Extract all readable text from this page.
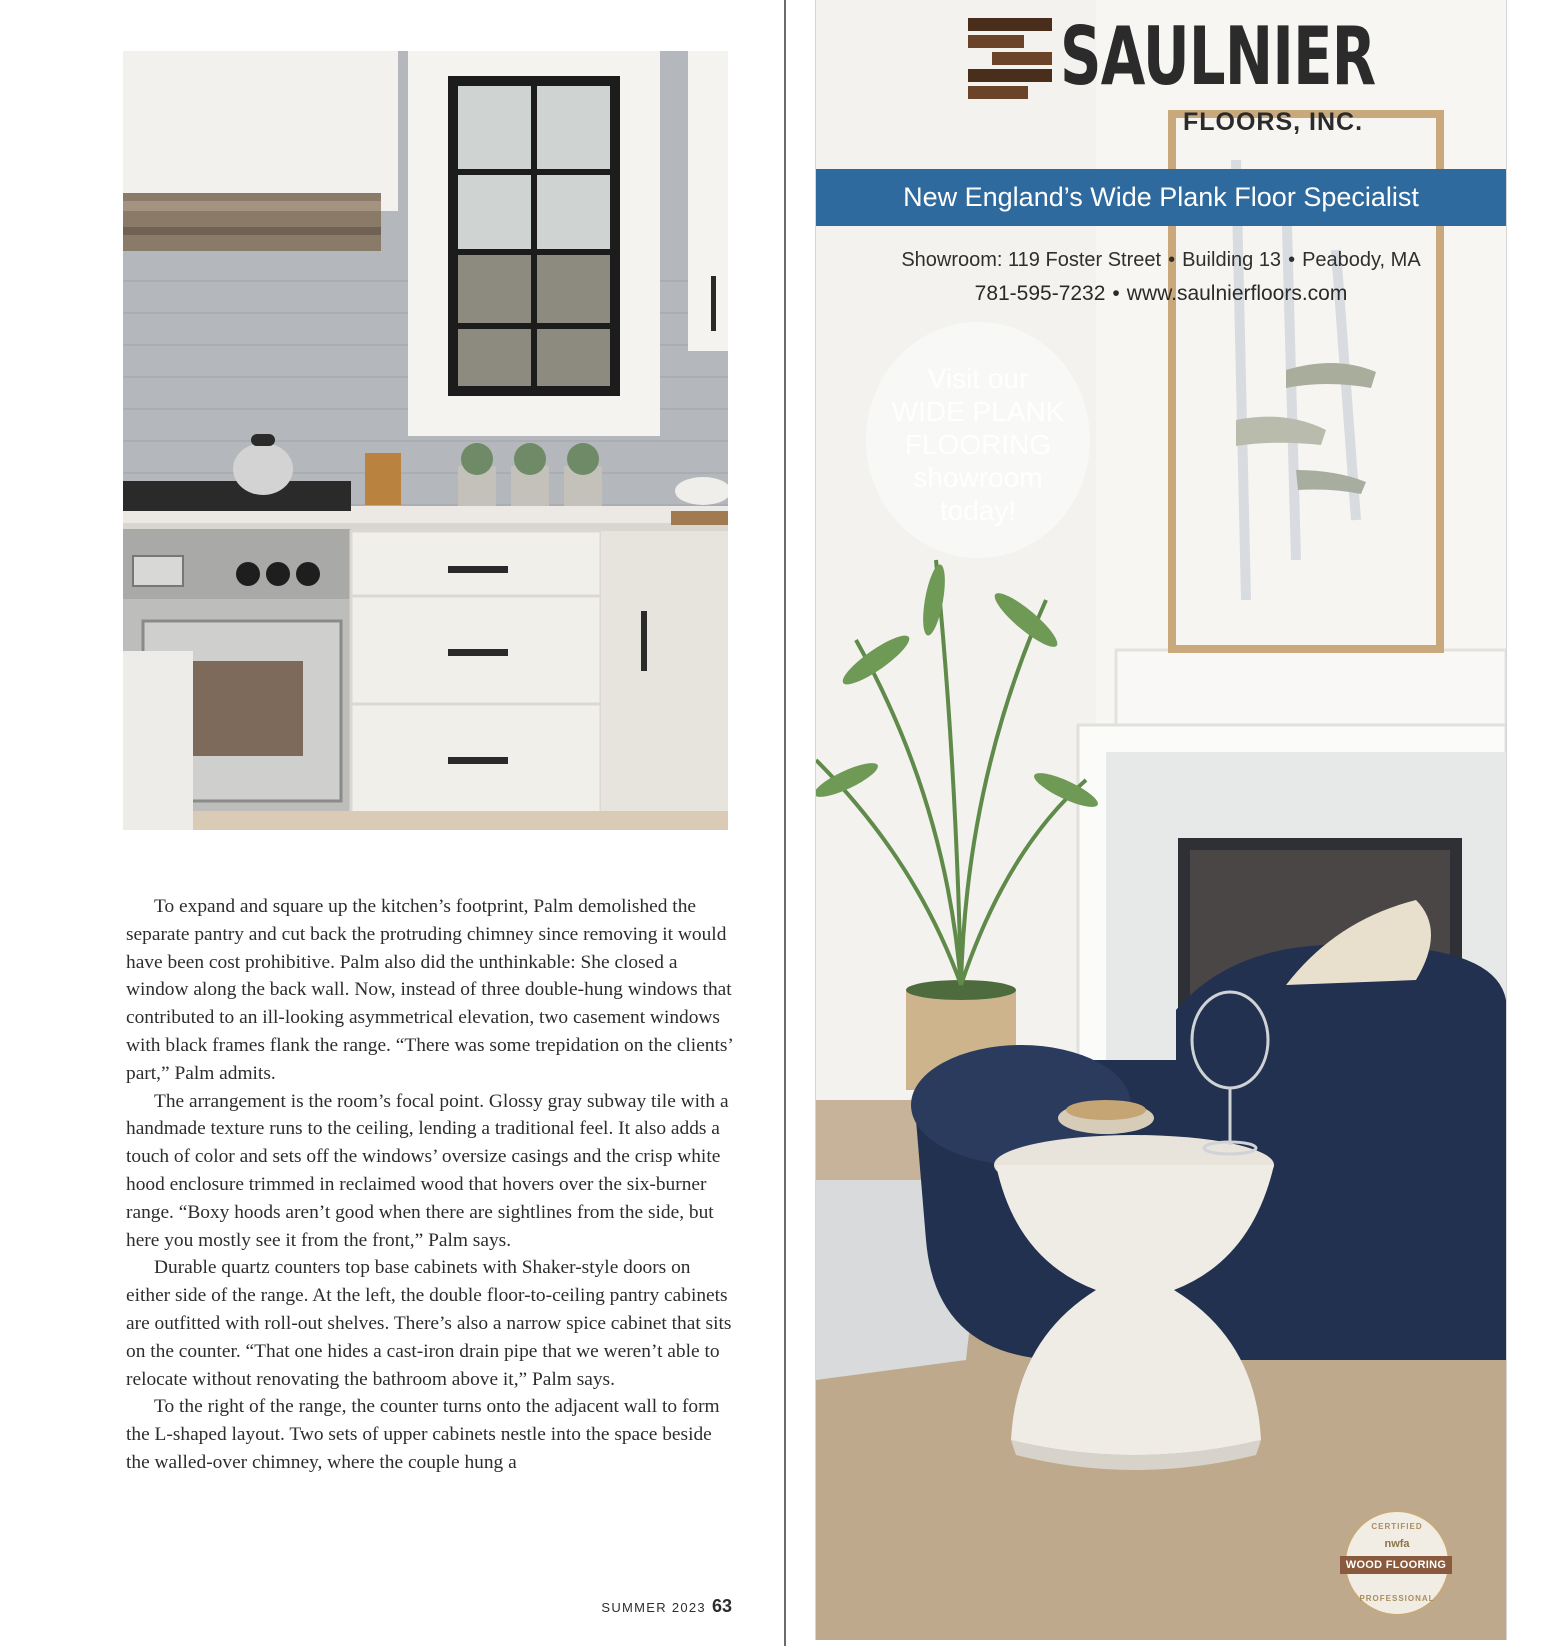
To expand and square up the kitchen’s footprint, Palm demolished the separate pantry and cut back the protruding chimney since removing it would have been cost prohibitive. Palm also did the unthinkable: She closed a window along the back wall. Now, instead of three double-hung windows that contributed to an ill-looking asymmetrical elevation, two casement windows with black frames flank the range. “There was some trepidation on the clients’ part,” Palm admits.

The arrangement is the room’s focal point. Glossy gray subway tile with a handmade texture runs to the ceiling, lending a traditional feel. It also adds a touch of color and sets off the windows’ oversize casings and the crisp white hood enclosure trimmed in reclaimed wood that hovers over the six-burner range. “Boxy hoods aren’t good when there are sightlines from the side, but here you mostly see it from the front,” Palm says.

Durable quartz counters top base cabinets with Shaker-style doors on either side of the range. At the left, the double floor-to-ceiling pantry cabinets are outfitted with roll-out shelves. There’s also a narrow spice cabinet that sits on the counter. “That one hides a cast-iron drain pipe that we weren’t able to relocate without renovating the bathroom above it,” Palm says.

To the right of the range, the counter turns onto the adjacent wall to form the L-shaped layout. Two sets of upper cabinets nestle into the space beside the walled-over chimney, where the couple hung a

SUMMER 2023 63
SAULNIER
FLOORS, INC.
New England’s Wide Plank Floor Specialist
Showroom: 119 Foster Street • Building 13 • Peabody, MA
781-595-7232 • www.saulnierfloors.com
Visit our
WIDE PLANK
FLOORING
showroom
today!
CERTIFIED
nwfa
WOOD FLOORING
PROFESSIONAL
